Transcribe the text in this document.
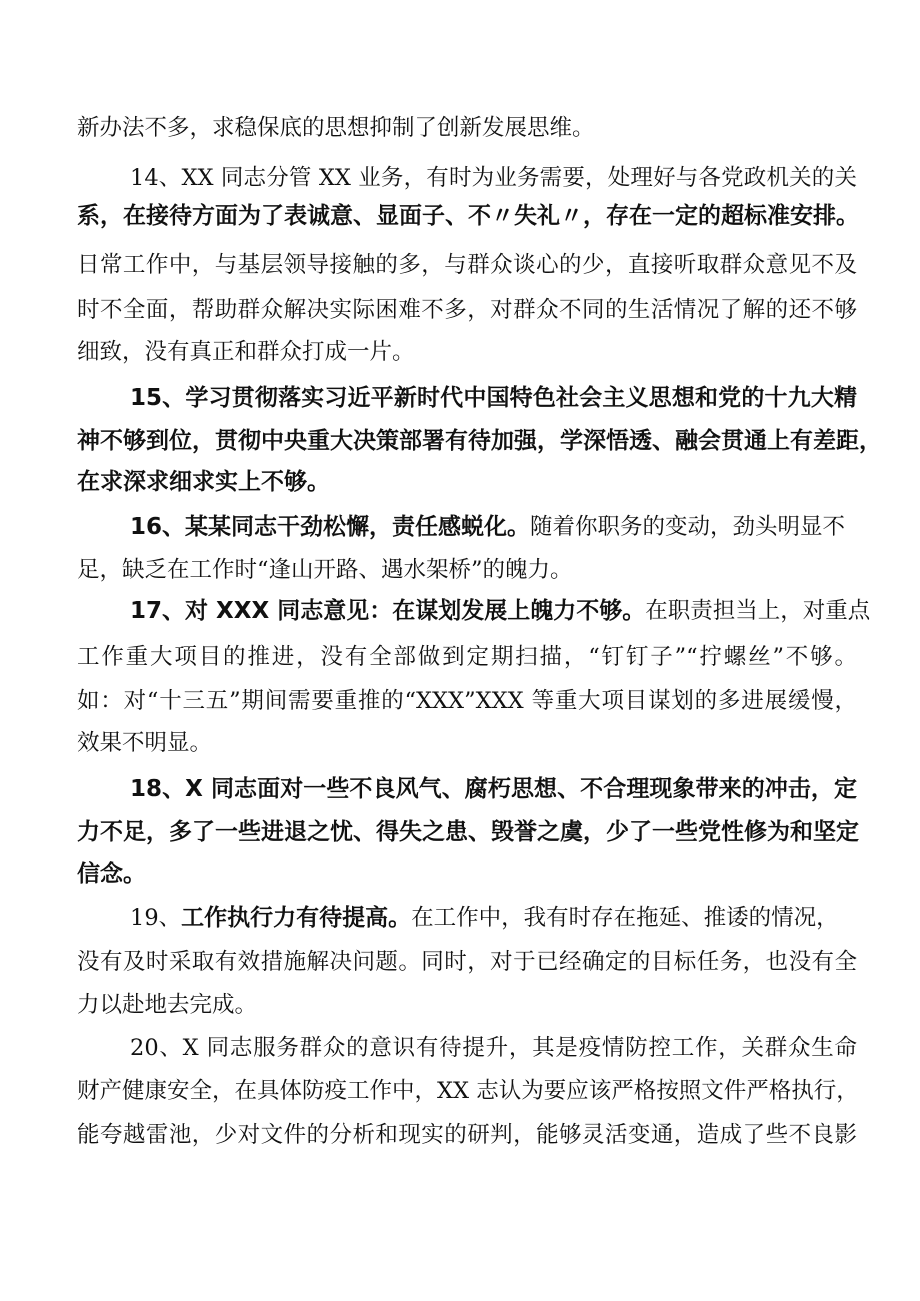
新办法不多，求稳保底的思想抑制了创新发展思维。
14、XX 同志分管 XX 业务，有时为业务需要，处理好与各党政机关的关
系，在接待方面为了表诚意、显面子、不〃失礼〃，存在一定的超标准安排。
日常工作中，与基层领导接触的多，与群众谈心的少，直接听取群众意见不及
时不全面，帮助群众解决实际困难不多，对群众不同的生活情况了解的还不够
细致，没有真正和群众打成一片。
15、学习贯彻落实习近平新时代中国特色社会主义思想和党的十九大精
神不够到位，贯彻中央重大决策部署有待加强，学深悟透、融会贯通上有差距，
在求深求细求实上不够。
16、某某同志干劲松懈，责任感蜕化。随着你职务的变动，劲头明显不
足，缺乏在工作时“逢山开路、遇水架桥”的魄力。
17、对 XXX 同志意见：在谋划发展上魄力不够。在职责担当上，对重点
工作重大项目的推进，没有全部做到定期扫描，“钉钉子”“拧螺丝”不够。
如：对“十三五”期间需要重推的“XXX”XXX 等重大项目谋划的多进展缓慢，
效果不明显。
18、X 同志面对一些不良风气、腐朽思想、不合理现象带来的冲击，定
力不足，多了一些进退之忧、得失之患、毁誉之虞，少了一些党性修为和坚定
信念。
19、工作执行力有待提高。在工作中，我有时存在拖延、推诿的情况，
没有及时采取有效措施解决问题。同时，对于已经确定的目标任务，也没有全
力以赴地去完成。
20、X 同志服务群众的意识有待提升，其是疫情防控工作，关群众生命
财产健康安全，在具体防疫工作中，XX 志认为要应该严格按照文件严格执行，
能夸越雷池，少对文件的分析和现实的研判，能够灵活变通，造成了些不良影
